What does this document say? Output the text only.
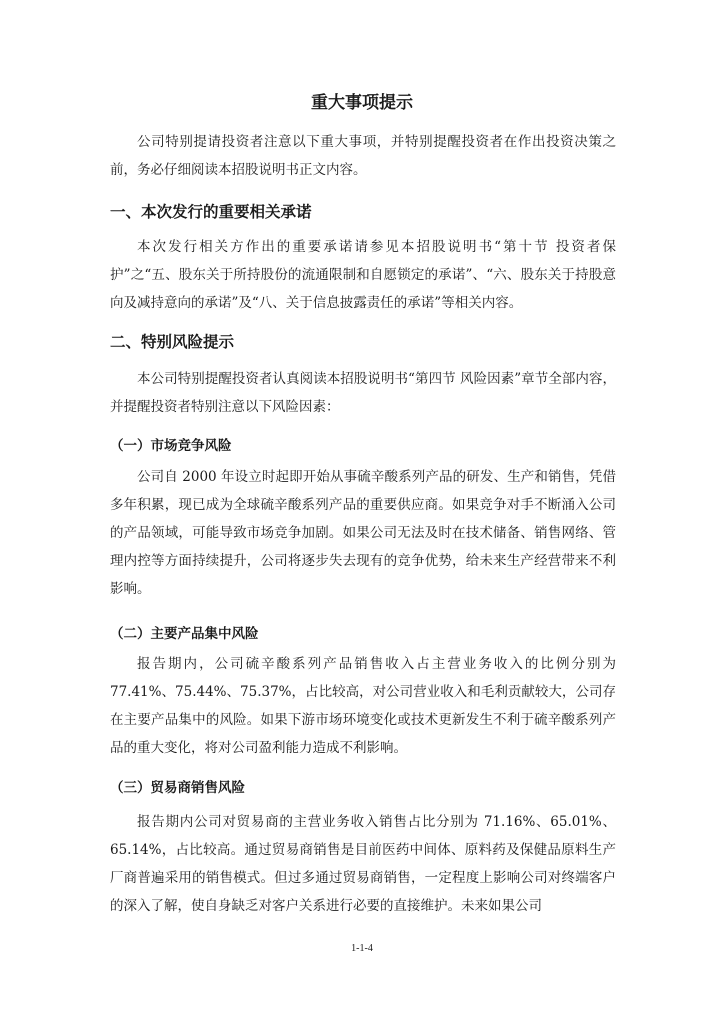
重大事项提示

公司特别提请投资者注意以下重大事项，并特别提醒投资者在作出投资决策之前，务必仔细阅读本招股说明书正文内容。

一、本次发行的重要相关承诺

本次发行相关方作出的重要承诺请参见本招股说明书“第十节 投资者保护”之“五、股东关于所持股份的流通限制和自愿锁定的承诺”、“六、股东关于持股意向及减持意向的承诺”及“八、关于信息披露责任的承诺”等相关内容。

二、特别风险提示

本公司特别提醒投资者认真阅读本招股说明书“第四节 风险因素”章节全部内容，并提醒投资者特别注意以下风险因素：

（一）市场竞争风险

公司自 2000 年设立时起即开始从事硫辛酸系列产品的研发、生产和销售，凭借多年积累，现已成为全球硫辛酸系列产品的重要供应商。如果竞争对手不断涌入公司的产品领域，可能导致市场竞争加剧。如果公司无法及时在技术储备、销售网络、管理内控等方面持续提升，公司将逐步失去现有的竞争优势，给未来生产经营带来不利影响。

（二）主要产品集中风险

报告期内，公司硫辛酸系列产品销售收入占主营业务收入的比例分别为 77.41%、75.44%、75.37%，占比较高，对公司营业收入和毛利贡献较大，公司存在主要产品集中的风险。如果下游市场环境变化或技术更新发生不利于硫辛酸系列产品的重大变化，将对公司盈利能力造成不利影响。

（三）贸易商销售风险

报告期内公司对贸易商的主营业务收入销售占比分别为 71.16%、65.01%、65.14%，占比较高。通过贸易商销售是目前医药中间体、原料药及保健品原料生产厂商普遍采用的销售模式。但过多通过贸易商销售，一定程度上影响公司对终端客户的深入了解，使自身缺乏对客户关系进行必要的直接维护。未来如果公司

1-1-4
